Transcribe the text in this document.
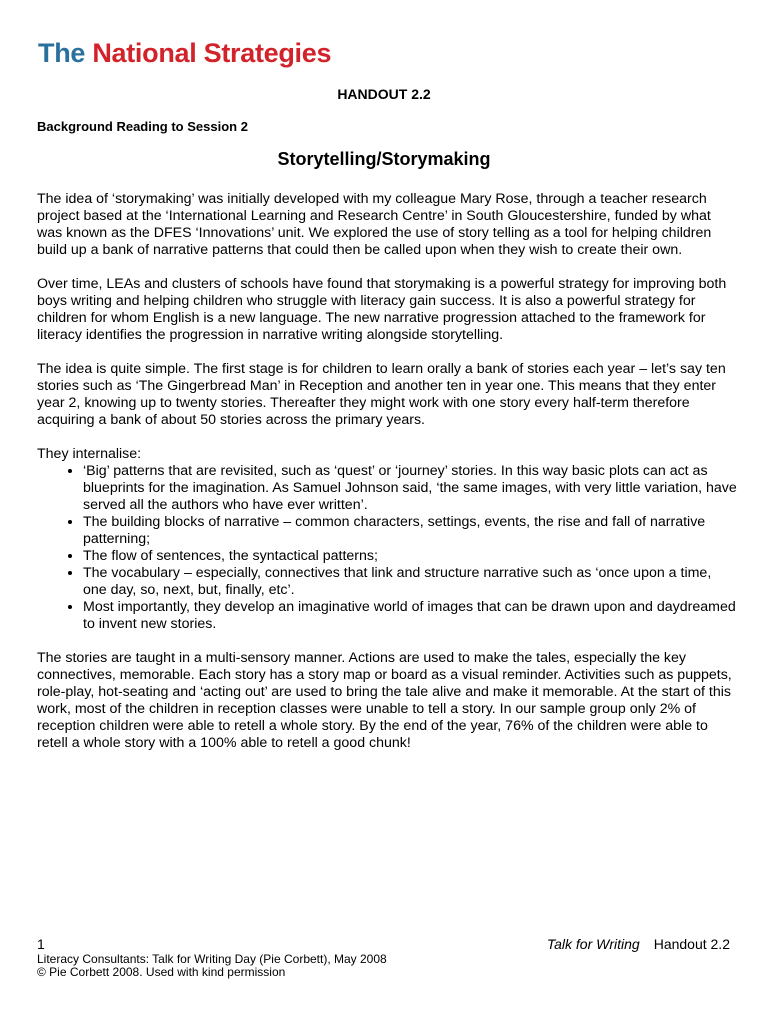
The National Strategies
HANDOUT 2.2
Background Reading to Session 2
Storytelling/Storymaking

The idea of ‘storymaking’ was initially developed with my colleague Mary Rose, through a teacher research project based at the ‘International Learning and Research Centre’ in South Gloucestershire, funded by what was known as the DFES ‘Innovations’ unit. We explored the use of story telling as a tool for helping children build up a bank of narrative patterns that could then be called upon when they wish to create their own.

Over time, LEAs and clusters of schools have found that storymaking is a powerful strategy for improving both boys writing and helping children who struggle with literacy gain success. It is also a powerful strategy for children for whom English is a new language. The new narrative progression attached to the framework for literacy identifies the progression in narrative writing alongside storytelling.

The idea is quite simple. The first stage is for children to learn orally a bank of stories each year – let’s say ten stories such as ‘The Gingerbread Man’ in Reception and another ten in year one. This means that they enter year 2, knowing up to twenty stories. Thereafter they might work with one story every half-term therefore acquiring a bank of about 50 stories across the primary years.

They internalise:

• ‘Big’ patterns that are revisited, such as ‘quest’ or ‘journey’ stories. In this way basic plots can act as blueprints for the imagination. As Samuel Johnson said, ‘the same images, with very little variation, have served all the authors who have ever written’.
• The building blocks of narrative – common characters, settings, events, the rise and fall of narrative patterning;
• The flow of sentences, the syntactical patterns;
• The vocabulary – especially, connectives that link and structure narrative such as ‘once upon a time, one day, so, next, but, finally, etc’.
• Most importantly, they develop an imaginative world of images that can be drawn upon and daydreamed to invent new stories.

The stories are taught in a multi-sensory manner. Actions are used to make the tales, especially the key connectives, memorable. Each story has a story map or board as a visual reminder. Activities such as puppets, role-play, hot-seating and ‘acting out’ are used to bring the tale alive and make it memorable. At the start of this work, most of the children in reception classes were unable to tell a story. In our sample group only 2% of reception children were able to retell a whole story. By the end of the year, 76% of the children were able to retell a whole story with a 100% able to retell a good chunk!

1	Talk for Writing Handout 2.2
Literacy Consultants: Talk for Writing Day (Pie Corbett), May 2008
© Pie Corbett 2008. Used with kind permission
